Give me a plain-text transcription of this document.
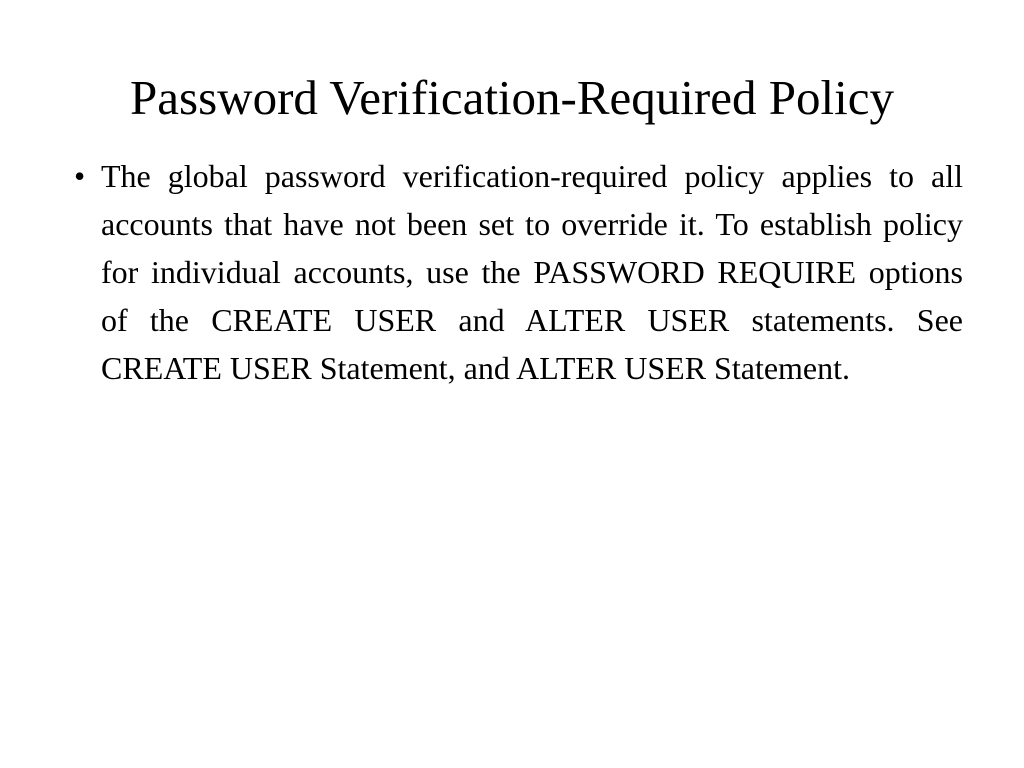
Password Verification-Required Policy
• The global password verification-required policy applies to all accounts that have not been set to override it. To establish policy for individual accounts, use the PASSWORD REQUIRE options of the CREATE USER and ALTER USER statements. See CREATE USER Statement, and ALTER USER Statement.
